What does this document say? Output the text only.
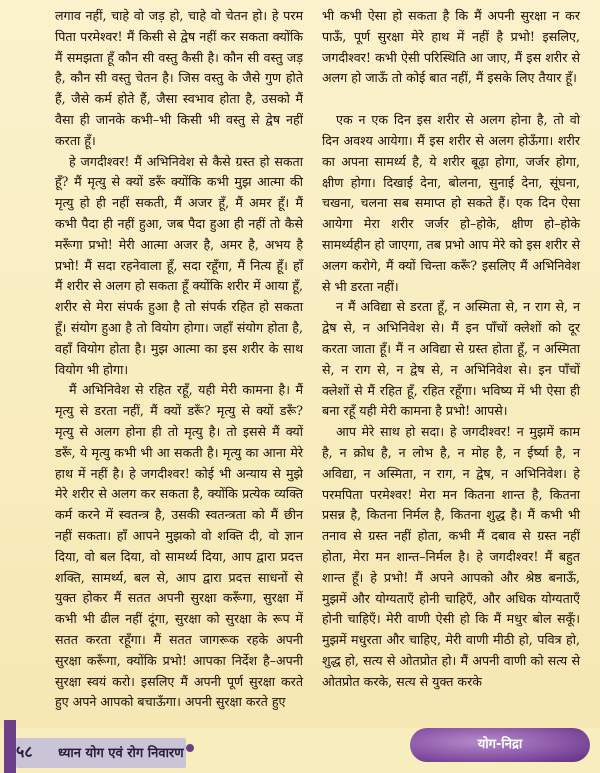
लगाव नहीं, चाहे वो जड़ हो, चाहे वो चेतन हो। हे परम पिता परमेश्वर! मैं किसी से द्वेष नहीं कर सकता क्योंकि मैं समझता हूँ कौन सी वस्तु कैसी है। कौन सी वस्तु जड़ है, कौन सी वस्तु चेतन है। जिस वस्तु के जैसे गुण होते हैं, जैसे कर्म होते हैं, जैसा स्वभाव होता है, उसको मैं वैसा ही जानके कभी–भी किसी भी वस्तु से द्वेष नहीं करता हूँ।

हे जगदीश्वर! मैं अभिनिवेश से कैसे ग्रस्त हो सकता हूँ? मैं मृत्यु से क्यों डरूँ क्योंकि कभी मुझ आत्मा की मृत्यु हो ही नहीं सकती, मैं अजर हूँ, मैं अमर हूँ। मैं कभी पैदा ही नहीं हुआ, जब पैदा हुआ ही नहीं तो कैसे मरूँगा प्रभो! मेरी आत्मा अजर है, अमर है, अभय है प्रभो! मैं सदा रहनेवाला हूँ, सदा रहूँगा, मैं नित्य हूँ। हाँ मैं शरीर से अलग हो सकता हूँ क्योंकि शरीर में आया हूँ, शरीर से मेरा संपर्क हुआ है तो संपर्क रहित हो सकता हूँ। संयोग हुआ है तो वियोग होगा। जहाँ संयोग होता है, वहाँ वियोग होता है। मुझ आत्मा का इस शरीर के साथ वियोग भी होगा।

मैं अभिनिवेश से रहित रहूँ, यही मेरी कामना है। मैं मृत्यु से डरता नहीं, मैं क्यों डरूँ? मृत्यु से क्यों डरूँ? मृत्यु से अलग होना ही तो मृत्यु है। तो इससे मैं क्यों डरूँ, ये मृत्यु कभी भी आ सकती है। मृत्यु का आना मेरे हाथ में नहीं है। हे जगदीश्वर! कोई भी अन्याय से मुझे मेरे शरीर से अलग कर सकता है, क्योंकि प्रत्येक व्यक्ति कर्म करने में स्वतन्त्र है, उसकी स्वतन्त्रता को मैं छीन नहीं सकता। हाँ आपने मुझको वो शक्ति दी, वो ज्ञान दिया, वो बल दिया, वो सामर्थ्य दिया, आप द्वारा प्रदत्त शक्ति, सामर्थ्य, बल से, आप द्वारा प्रदत्त साधनों से युक्त होकर मैं सतत अपनी सुरक्षा करूँगा, सुरक्षा में कभी भी ढील नहीं दूंगा, सुरक्षा को सुरक्षा के रूप में सतत करता रहूँगा। मैं सतत जागरूक रहके अपनी सुरक्षा करूँगा, क्योंकि प्रभो! आपका निर्देश है–अपनी सुरक्षा स्वयं करो। इसलिए मैं अपनी पूर्ण सुरक्षा करते हुए अपने आपको बचाऊँगा। अपनी सुरक्षा करते हुए

भी कभी ऐसा हो सकता है कि मैं अपनी सुरक्षा न कर पाऊँ, पूर्ण सुरक्षा मेरे हाथ में नहीं है प्रभो! इसलिए, जगदीश्वर! कभी ऐसी परिस्थिति आ जाए, मैं इस शरीर से अलग हो जाऊँ तो कोई बात नहीं, मैं इसके लिए तैयार हूँ।

एक न एक दिन इस शरीर से अलग होना है, तो वो दिन अवश्य आयेगा। मैं इस शरीर से अलग होऊँगा। शरीर का अपना सामर्थ्य है, ये शरीर बूढ़ा होगा, जर्जर होगा, क्षीण होगा। दिखाई देना, बोलना, सुनाई देना, सूंघना, चखना, चलना सब समाप्त हो सकते हैं। एक दिन ऐसा आयेगा मेरा शरीर जर्जर हो–होके, क्षीण हो–होके सामर्थ्यहीन हो जाएगा, तब प्रभो आप मेरे को इस शरीर से अलग करोगे, मैं क्यों चिन्ता करूँ? इसलिए मैं अभिनिवेश से भी डरता नहीं।

न मैं अविद्या से डरता हूँ, न अस्मिता से, न राग से, न द्वेष से, न अभिनिवेश से। मैं इन पाँचों क्लेशों को दूर करता जाता हूँ। मैं न अविद्या से ग्रस्त होता हूँ, न अस्मिता से, न राग से, न द्वेष से, न अभिनिवेश से। इन पाँचों क्लेशों से मैं रहित हूँ, रहित रहूँगा। भविष्य में भी ऐसा ही बना रहूँ यही मेरी कामना है प्रभो! आपसे।

आप मेरे साथ हो सदा। हे जगदीश्वर! न मुझमें काम है, न क्रोध है, न लोभ है, न मोह है, न ईर्ष्या है, न अविद्या, न अस्मिता, न राग, न द्वेष, न अभिनिवेश। हे परमपिता परमेश्वर! मेरा मन कितना शान्त है, कितना प्रसन्न है, कितना निर्मल है, कितना शुद्ध है। मैं कभी भी तनाव से ग्रस्त नहीं होता, कभी मैं दबाव से ग्रस्त नहीं होता, मेरा मन शान्त–निर्मल है। हे जगदीश्वर! मैं बहुत शान्त हूँ। हे प्रभो! मैं अपने आपको और श्रेष्ठ बनाऊँ, मुझमें और योग्यताएँ होनी चाहिएँ, और अधिक योग्यताएँ होनी चाहिएँ। मेरी वाणी ऐसी हो कि मैं मधुर बोल सकूँ। मुझमें मधुरता और चाहिए, मेरी वाणी मीठी हो, पवित्र हो, शुद्ध हो, सत्य से ओतप्रोत हो। मैं अपनी वाणी को सत्य से ओतप्रोत करके, सत्य से युक्त करके

५८ ध्यान योग एवं रोग निवारण
योग-निद्रा
